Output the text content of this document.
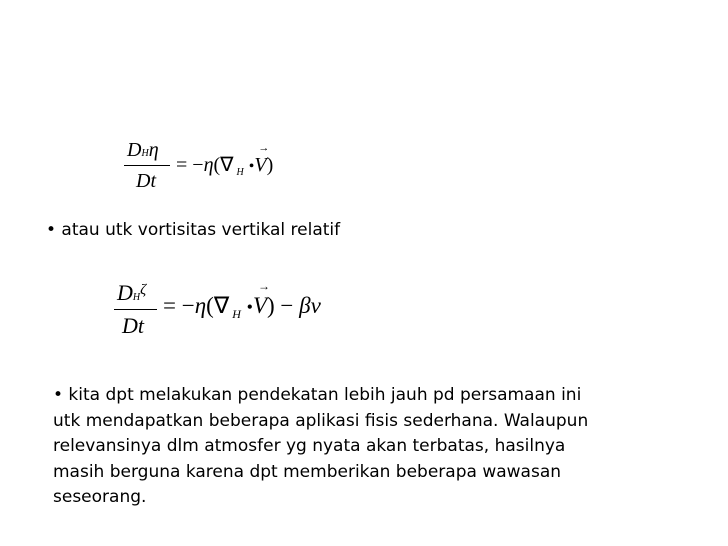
DHη
Dt
= −η(∇ $_H$ •
→
V)
• atau utk vortisitas vertikal relatif
$DH^\zeta$
Dt
= −η(∇ $_H$ •
→
V) − βv
• kita dpt melakukan pendekatan lebih jauh pd persamaan ini
utk mendapatkan beberapa aplikasi fisis sederhana. Walaupun
relevansinya dlm atmosfer yg nyata akan terbatas, hasilnya
masih berguna karena dpt memberikan beberapa wawasan
seseorang.
